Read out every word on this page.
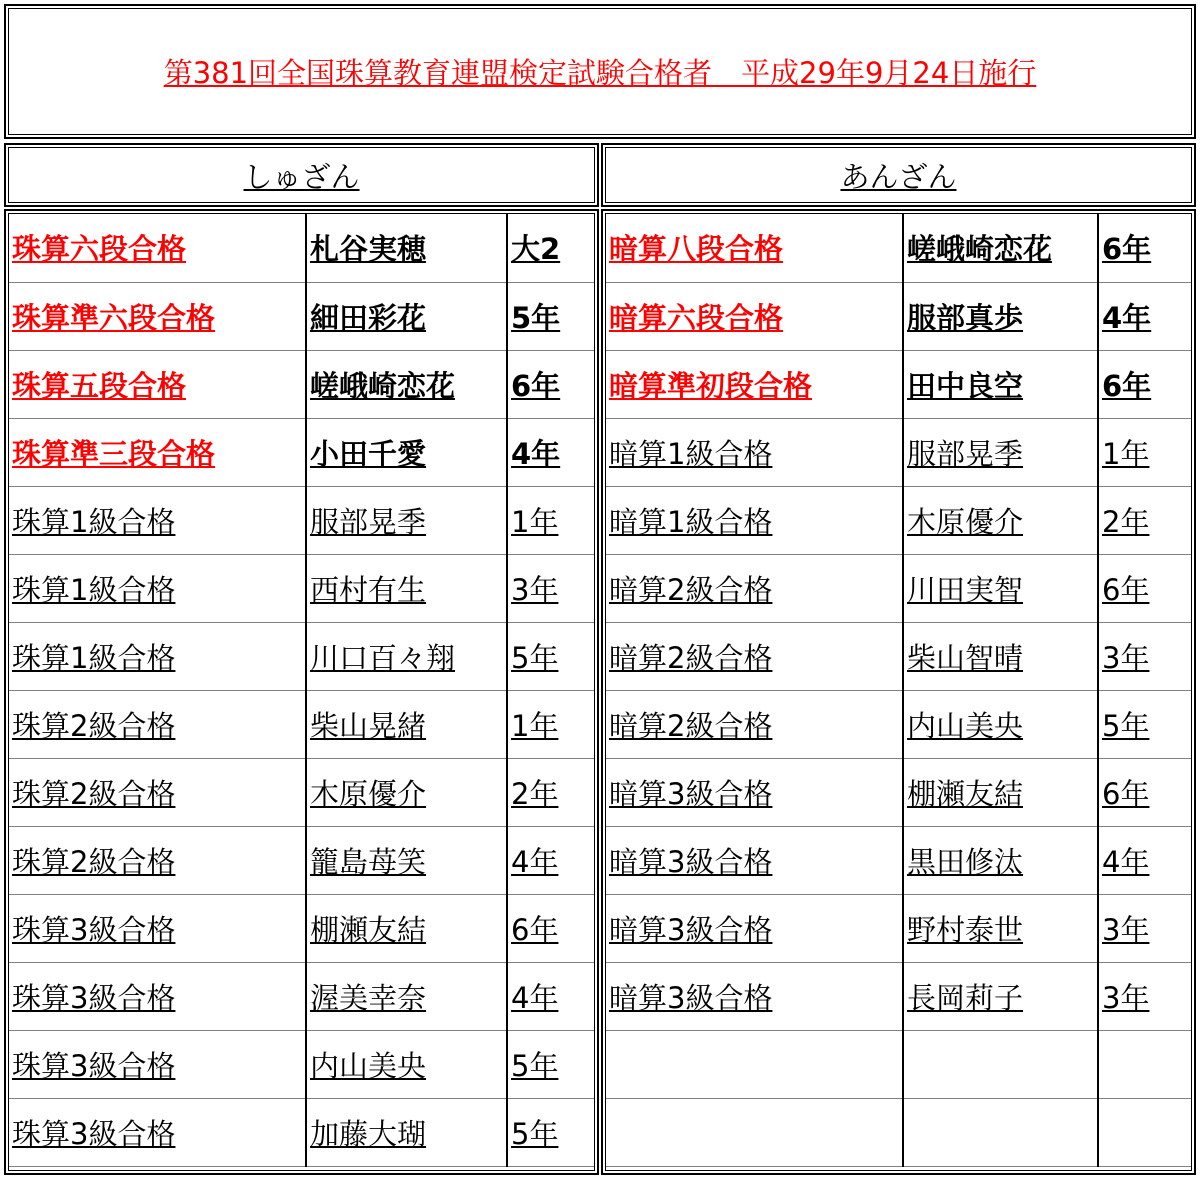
第381回全国珠算教育連盟検定試験合格者　平成29年9月24日施行
しゅざん	あんざん
珠算六段合格	札谷実穂	大2
珠算準六段合格	細田彩花	5年
珠算五段合格	嵯峨崎恋花	6年
珠算準三段合格	小田千愛	4年
珠算1級合格	服部晃季	1年
珠算1級合格	西村有生	3年
珠算1級合格	川口百々翔	5年
珠算2級合格	柴山晃緒	1年
珠算2級合格	木原優介	2年
珠算2級合格	籠島苺笑	4年
珠算3級合格	棚瀬友結	6年
珠算3級合格	渥美幸奈	4年
珠算3級合格	内山美央	5年
珠算3級合格	加藤大瑚	5年
暗算八段合格	嵯峨崎恋花	6年
暗算六段合格	服部真歩	4年
暗算準初段合格	田中良空	6年
暗算1級合格	服部晃季	1年
暗算1級合格	木原優介	2年
暗算2級合格	川田実智	6年
暗算2級合格	柴山智晴	3年
暗算2級合格	内山美央	5年
暗算3級合格	棚瀬友結	6年
暗算3級合格	黒田修汰	4年
暗算3級合格	野村泰世	3年
暗算3級合格	長岡莉子	3年
